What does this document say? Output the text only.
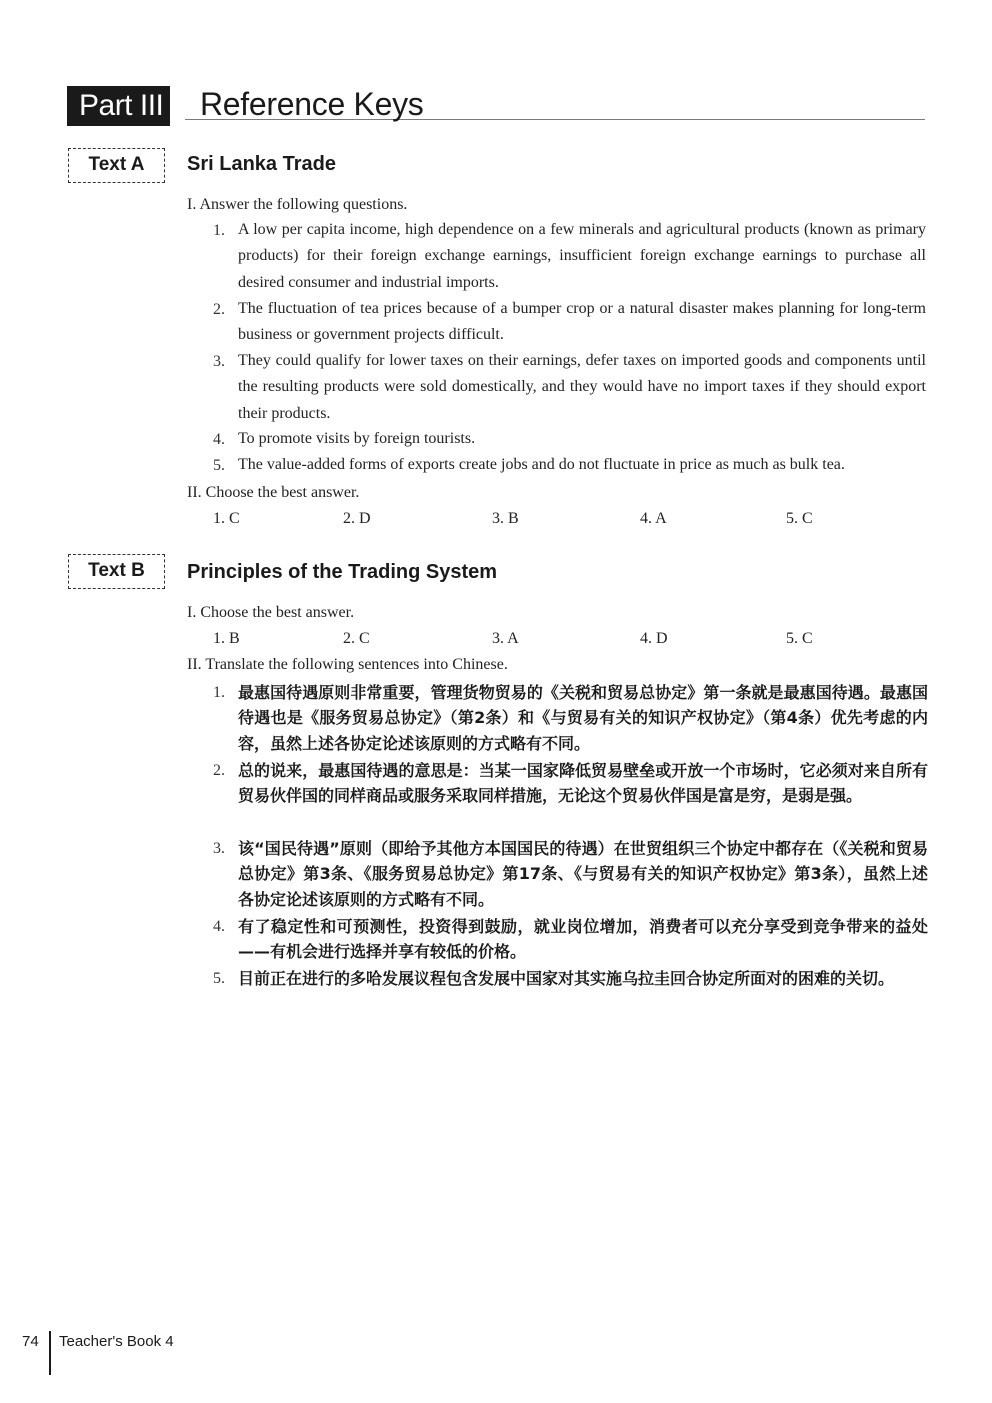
Part III Reference Keys
Text A	Sri Lanka Trade
I. Answer the following questions.
1. A low per capita income, high dependence on a few minerals and agricultural products (known as primary products) for their foreign exchange earnings, insufficient foreign exchange earnings to purchase all desired consumer and industrial imports.
2. The fluctuation of tea prices because of a bumper crop or a natural disaster makes planning for long-term business or government projects difficult.
3. They could qualify for lower taxes on their earnings, defer taxes on imported goods and components until the resulting products were sold domestically, and they would have no import taxes if they should export their products.
4. To promote visits by foreign tourists.
5. The value-added forms of exports create jobs and do not fluctuate in price as much as bulk tea.
II. Choose the best answer.
1. C	2. D	3. B	4. A	5. C
Text B	Principles of the Trading System
I. Choose the best answer.
1. B	2. C	3. A	4. D	5. C
II. Translate the following sentences into Chinese.
1. 最惠国待遇原则非常重要，管理货物贸易的《关税和贸易总协定》第一条就是最惠国待遇。最惠国待遇也是《服务贸易总协定》（第2条）和《与贸易有关的知识产权协定》（第4条）优先考虑的内容，虽然上述各协定论述该原则的方式略有不同。
2. 总的说来，最惠国待遇的意思是：当某一国家降低贸易壁垒或开放一个市场时，它必须对来自所有贸易伙伴国的同样商品或服务采取同样措施，无论这个贸易伙伴国是富是穷，是弱是强。
3. 该“国民待遇”原则（即给予其他方本国国民的待遇）在世贸组织三个协定中都存在（《关税和贸易总协定》第3条、《服务贸易总协定》第17条、《与贸易有关的知识产权协定》第3条），虽然上述各协定论述该原则的方式略有不同。
4. 有了稳定性和可预测性，投资得到鼓励，就业岗位增加，消费者可以充分享受到竞争带来的益处——有机会进行选择并享有较低的价格。
5. 目前正在进行的多哈发展议程包含发展中国家对其实施乌拉圭回合协定所面对的困难的关切。
74 Teacher's Book 4
